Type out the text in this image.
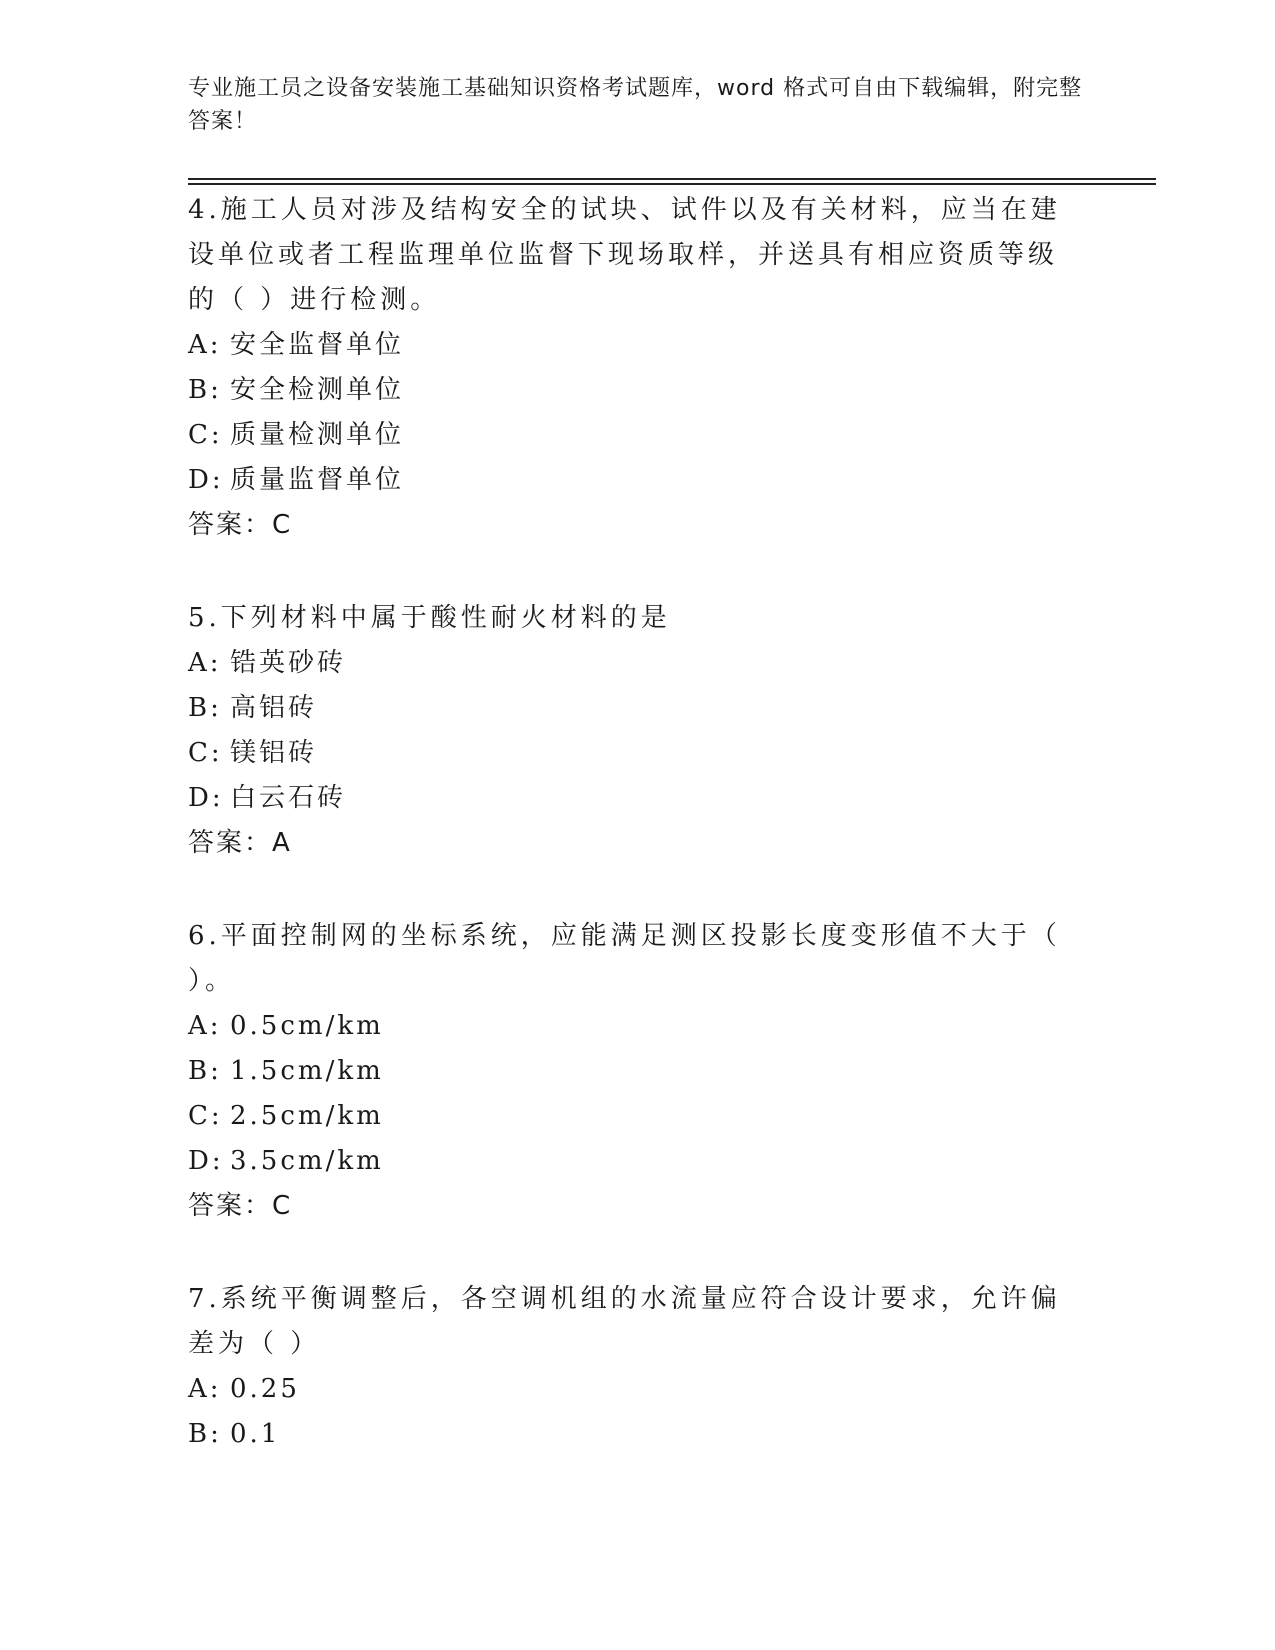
专业施工员之设备安装施工基础知识资格考试题库，word 格式可自由下载编辑，附完整答案！

4.施工人员对涉及结构安全的试块、试件以及有关材料，应当在建设单位或者工程监理单位监督下现场取样，并送具有相应资质等级的（ ）进行检测。

A: 安全监督单位
B: 安全检测单位
C: 质量检测单位
D: 质量监督单位
答案：C

5.下列材料中属于酸性耐火材料的是

A: 锆英砂砖
B: 高铝砖
C: 镁铝砖
D: 白云石砖
答案：A

6.平面控制网的坐标系统，应能满足测区投影长度变形值不大于（ ）。

A: 0.5cm/km
B: 1.5cm/km
C: 2.5cm/km
D: 3.5cm/km
答案：C

7.系统平衡调整后，各空调机组的水流量应符合设计要求，允许偏差为（ ）

A: 0.25
B: 0.1
